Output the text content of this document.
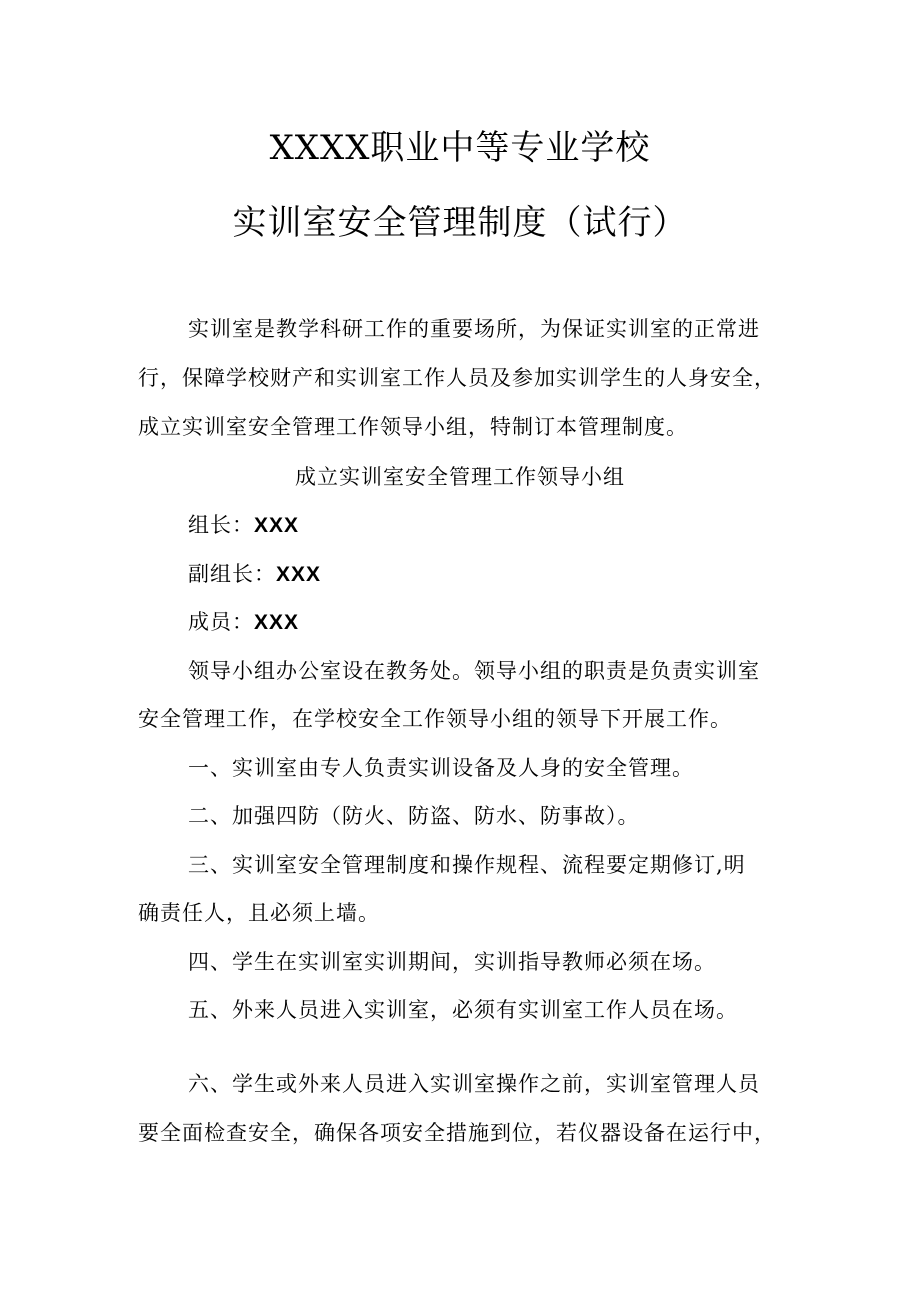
XXXX职业中等专业学校
实训室安全管理制度（试行）
实训室是教学科研工作的重要场所，为保证实训室的正常进
行，保障学校财产和实训室工作人员及参加实训学生的人身安全，
成立实训室安全管理工作领导小组，特制订本管理制度。
成立实训室安全管理工作领导小组
组长：XXX
副组长：XXX
成员：XXX
领导小组办公室设在教务处。领导小组的职责是负责实训室
安全管理工作，在学校安全工作领导小组的领导下开展工作。
一、实训室由专人负责实训设备及人身的安全管理。
二、加强四防（防火、防盗、防水、防事故）。
三、实训室安全管理制度和操作规程、流程要定期修订,明
确责任人，且必须上墙。
四、学生在实训室实训期间，实训指导教师必须在场。
五、外来人员进入实训室，必须有实训室工作人员在场。
六、学生或外来人员进入实训室操作之前，实训室管理人员
要全面检查安全，确保各项安全措施到位，若仪器设备在运行中，
